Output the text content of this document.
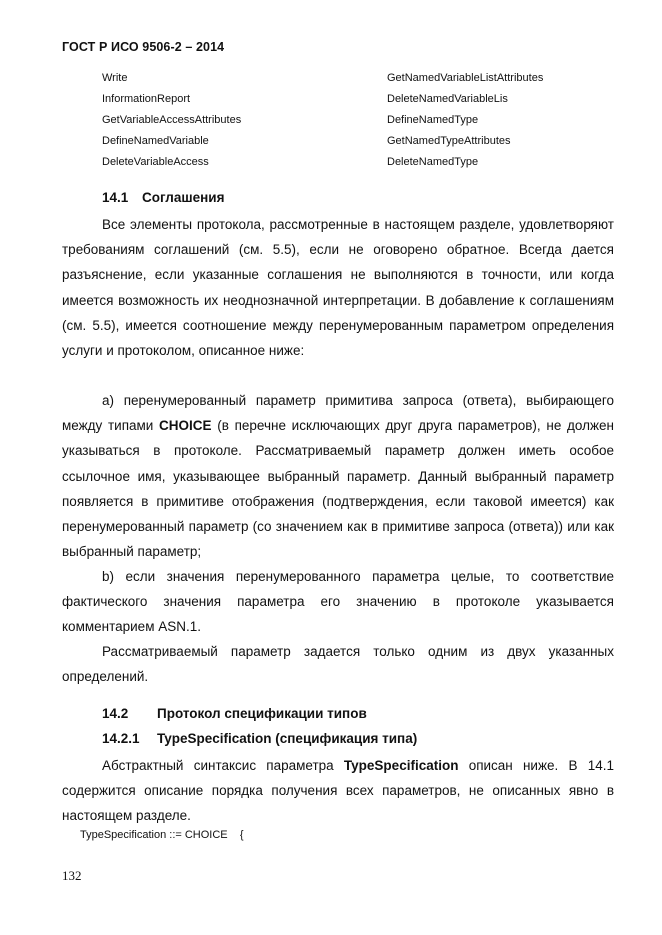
ГОСТ Р ИСО 9506-2 – 2014
Write	GetNamedVariableListAttributes
InformationReport	DeleteNamedVariableLis
GetVariableAccessAttributes	DefineNamedType
DefineNamedVariable	GetNamedTypeAttributes
DeleteVariableAccess	DeleteNamedType
14.1 Соглашения
Все элементы протокола, рассмотренные в настоящем разделе, удовлетворяют требованиям соглашений (см. 5.5), если не оговорено обратное. Всегда дается разъяснение, если указанные соглашения не выполняются в точности, или когда имеется возможность их неоднозначной интерпретации. В добавление к соглашениям (см. 5.5), имеется соотношение между перенумерованным параметром определения услуги и протоколом, описанное ниже:
a) перенумерованный параметр примитива запроса (ответа), выбирающего между типами CHOICE (в перечне исключающих друг друга параметров), не должен указываться в протоколе. Рассматриваемый параметр должен иметь особое ссылочное имя, указывающее выбранный параметр. Данный выбранный параметр появляется в примитиве отображения (подтверждения, если таковой имеется) как перенумерованный параметр (со значением как в примитиве запроса (ответа)) или как выбранный параметр;
b) если значения перенумерованного параметра целые, то соответствие фактического значения параметра его значению в протоколе указывается комментарием ASN.1.
Рассматриваемый параметр задается только одним из двух указанных определений.
14.2 Протокол спецификации типов
14.2.1 TypeSpecification (спецификация типа)
Абстрактный синтаксис параметра TypeSpecification описан ниже. В 14.1 содержится описание порядка получения всех параметров, не описанных явно в настоящем разделе.
TypeSpecification ::= CHOICE    {
132
